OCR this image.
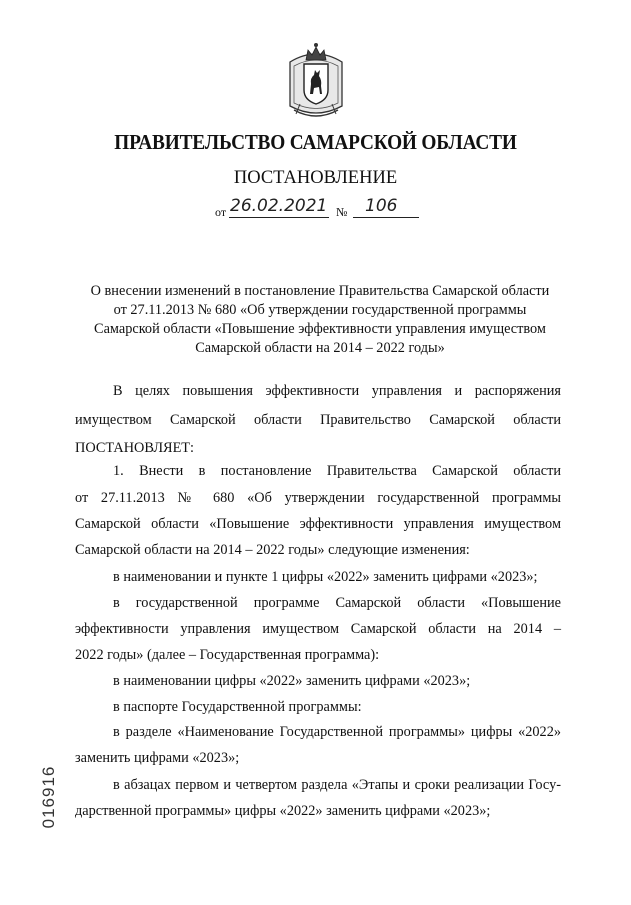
ПРАВИТЕЛЬСТВО САМАРСКОЙ ОБЛАСТИ
ПОСТАНОВЛЕНИЕ
от 26.02.2021 № 106
О внесении изменений в постановление Правительства Самарской области
от 27.11.2013 № 680 «Об утверждении государственной программы
Самарской области «Повышение эффективности управления имуществом
Самарской области на 2014 – 2022 годы»
В целях повышения эффективности управления и распоряжения
имуществом Самарской области Правительство Самарской области
ПОСТАНОВЛЯЕТ:
1. Внести в постановление Правительства Самарской области
от 27.11.2013 № 680 «Об утверждении государственной программы
Самарской области «Повышение эффективности управления имуществом
Самарской области на 2014 – 2022 годы» следующие изменения:
в наименовании и пункте 1 цифры «2022» заменить цифрами «2023»;
в государственной программе Самарской области «Повышение
эффективности управления имуществом Самарской области на 2014 –
2022 годы» (далее – Государственная программа):
в наименовании цифры «2022» заменить цифрами «2023»;
в паспорте Государственной программы:
в разделе «Наименование Государственной программы» цифры «2022»
заменить цифрами «2023»;
в абзацах первом и четвертом раздела «Этапы и сроки реализации Госу-
дарственной программы» цифры «2022» заменить цифрами «2023»;
016916
